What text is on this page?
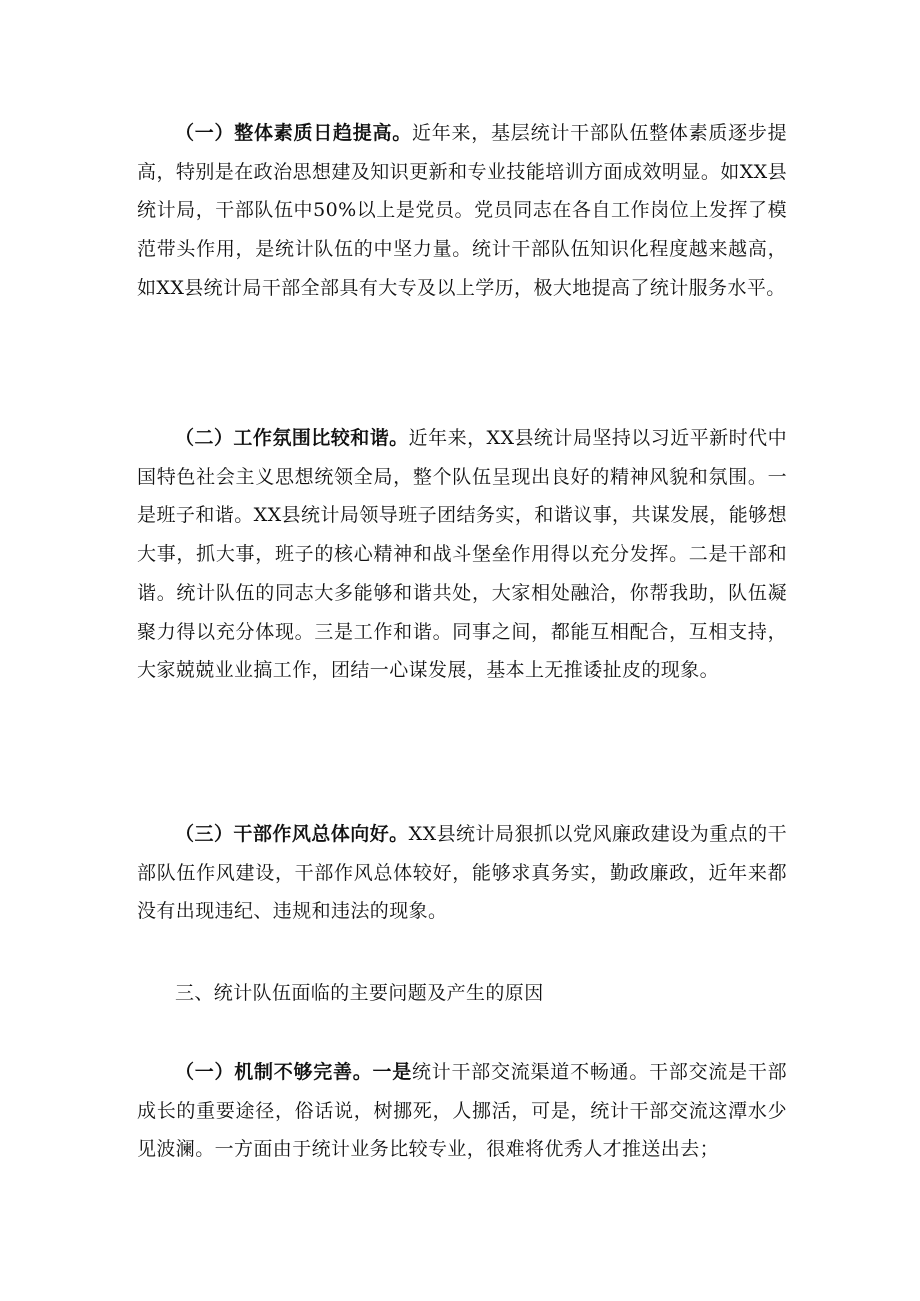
（一）整体素质日趋提高。近年来，基层统计干部队伍整体素质逐步提高，特别是在政治思想建及知识更新和专业技能培训方面成效明显。如XX县统计局，干部队伍中50%以上是党员。党员同志在各自工作岗位上发挥了模范带头作用，是统计队伍的中坚力量。统计干部队伍知识化程度越来越高，如XX县统计局干部全部具有大专及以上学历，极大地提高了统计服务水平。

（二）工作氛围比较和谐。近年来，XX县统计局坚持以习近平新时代中国特色社会主义思想统领全局，整个队伍呈现出良好的精神风貌和氛围。一是班子和谐。XX县统计局领导班子团结务实，和谐议事，共谋发展，能够想大事，抓大事，班子的核心精神和战斗堡垒作用得以充分发挥。二是干部和谐。统计队伍的同志大多能够和谐共处，大家相处融洽，你帮我助，队伍凝聚力得以充分体现。三是工作和谐。同事之间，都能互相配合，互相支持，大家兢兢业业搞工作，团结一心谋发展，基本上无推诿扯皮的现象。

（三）干部作风总体向好。XX县统计局狠抓以党风廉政建设为重点的干部队伍作风建设，干部作风总体较好，能够求真务实，勤政廉政，近年来都没有出现违纪、违规和违法的现象。

三、统计队伍面临的主要问题及产生的原因

（一）机制不够完善。一是统计干部交流渠道不畅通。干部交流是干部成长的重要途径，俗话说，树挪死，人挪活，可是，统计干部交流这潭水少见波澜。一方面由于统计业务比较专业，很难将优秀人才推送出去；
